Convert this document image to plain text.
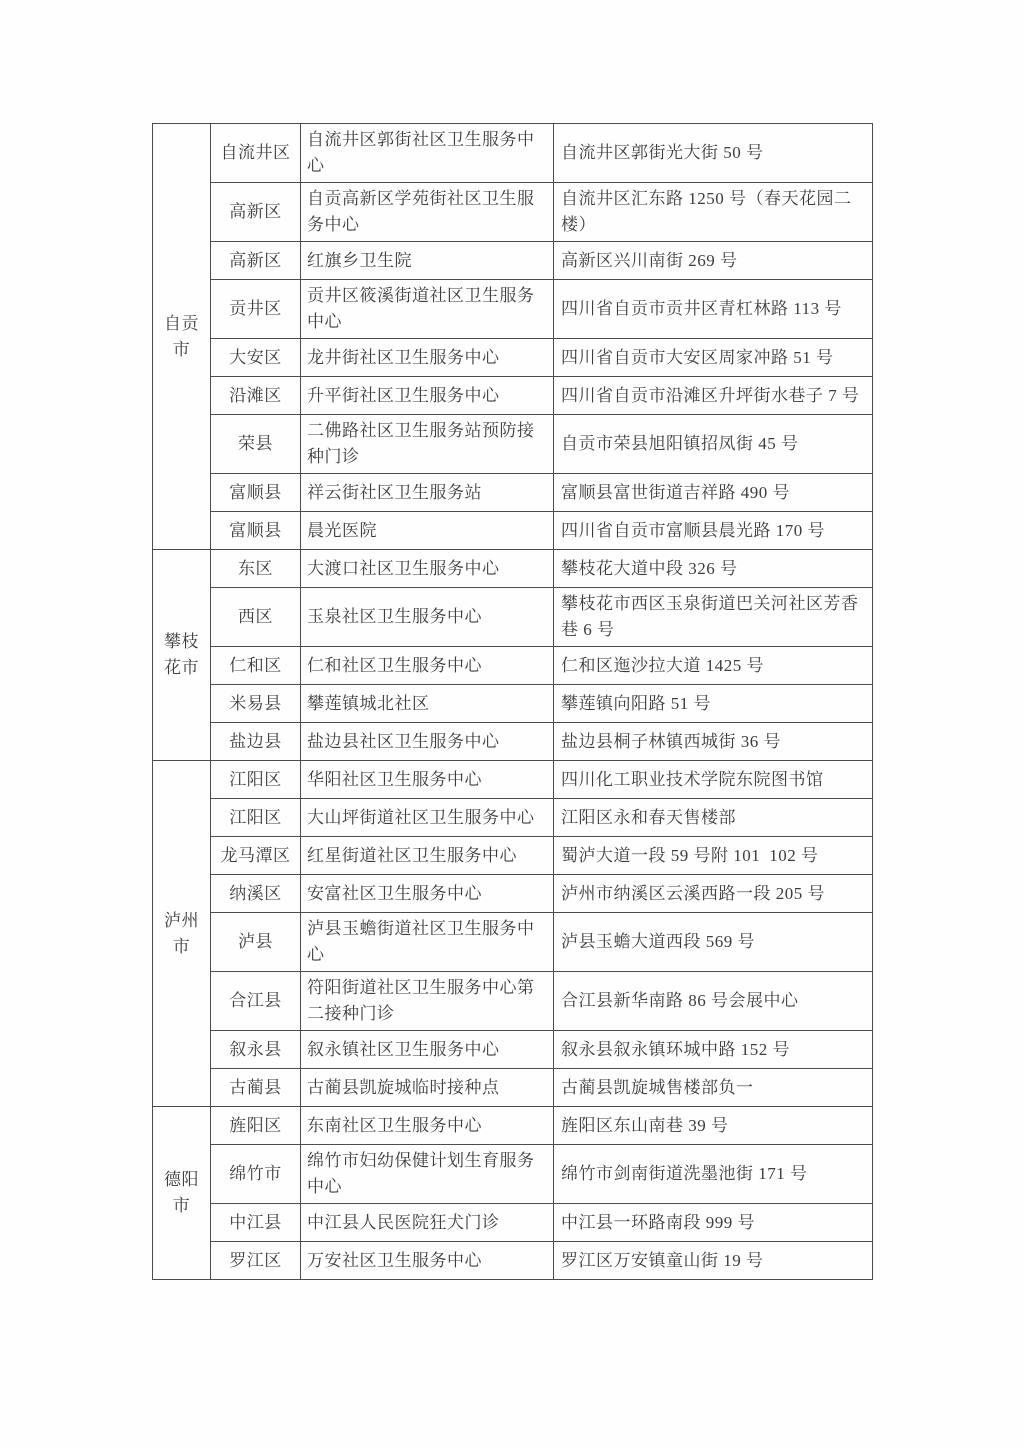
自贡市	自流井区	自流井区郭街社区卫生服务中心	自流井区郭街光大街 50 号
	高新区	自贡高新区学苑街社区卫生服务中心	自流井区汇东路 1250 号（春天花园二楼）
	高新区	红旗乡卫生院	高新区兴川南街 269 号
	贡井区	贡井区筱溪街道社区卫生服务中心	四川省自贡市贡井区青杠林路 113 号
	大安区	龙井街社区卫生服务中心	四川省自贡市大安区周家冲路 51 号
	沿滩区	升平街社区卫生服务中心	四川省自贡市沿滩区升坪街水巷子 7 号
	荣县	二佛路社区卫生服务站预防接种门诊	自贡市荣县旭阳镇招凤街 45 号
	富顺县	祥云街社区卫生服务站	富顺县富世街道吉祥路 490 号
	富顺县	晨光医院	四川省自贡市富顺县晨光路 170 号
攀枝花市	东区	大渡口社区卫生服务中心	攀枝花大道中段 326 号
	西区	玉泉社区卫生服务中心	攀枝花市西区玉泉街道巴关河社区芳香巷 6 号
	仁和区	仁和社区卫生服务中心	仁和区迤沙拉大道 1425 号
	米易县	攀莲镇城北社区	攀莲镇向阳路 51 号
	盐边县	盐边县社区卫生服务中心	盐边县桐子林镇西城街 36 号
泸州市	江阳区	华阳社区卫生服务中心	四川化工职业技术学院东院图书馆
	江阳区	大山坪街道社区卫生服务中心	江阳区永和春天售楼部
	龙马潭区	红星街道社区卫生服务中心	蜀泸大道一段 59 号附 101 102 号
	纳溪区	安富社区卫生服务中心	泸州市纳溪区云溪西路一段 205 号
	泸县	泸县玉蟾街道社区卫生服务中心	泸县玉蟾大道西段 569 号
	合江县	符阳街道社区卫生服务中心第二接种门诊	合江县新华南路 86 号会展中心
	叙永县	叙永镇社区卫生服务中心	叙永县叙永镇环城中路 152 号
	古蔺县	古蔺县凯旋城临时接种点	古蔺县凯旋城售楼部负一
德阳市	旌阳区	东南社区卫生服务中心	旌阳区东山南巷 39 号
	绵竹市	绵竹市妇幼保健计划生育服务中心	绵竹市剑南街道洗墨池街 171 号
	中江县	中江县人民医院狂犬门诊	中江县一环路南段 999 号
	罗江区	万安社区卫生服务中心	罗江区万安镇童山街 19 号
